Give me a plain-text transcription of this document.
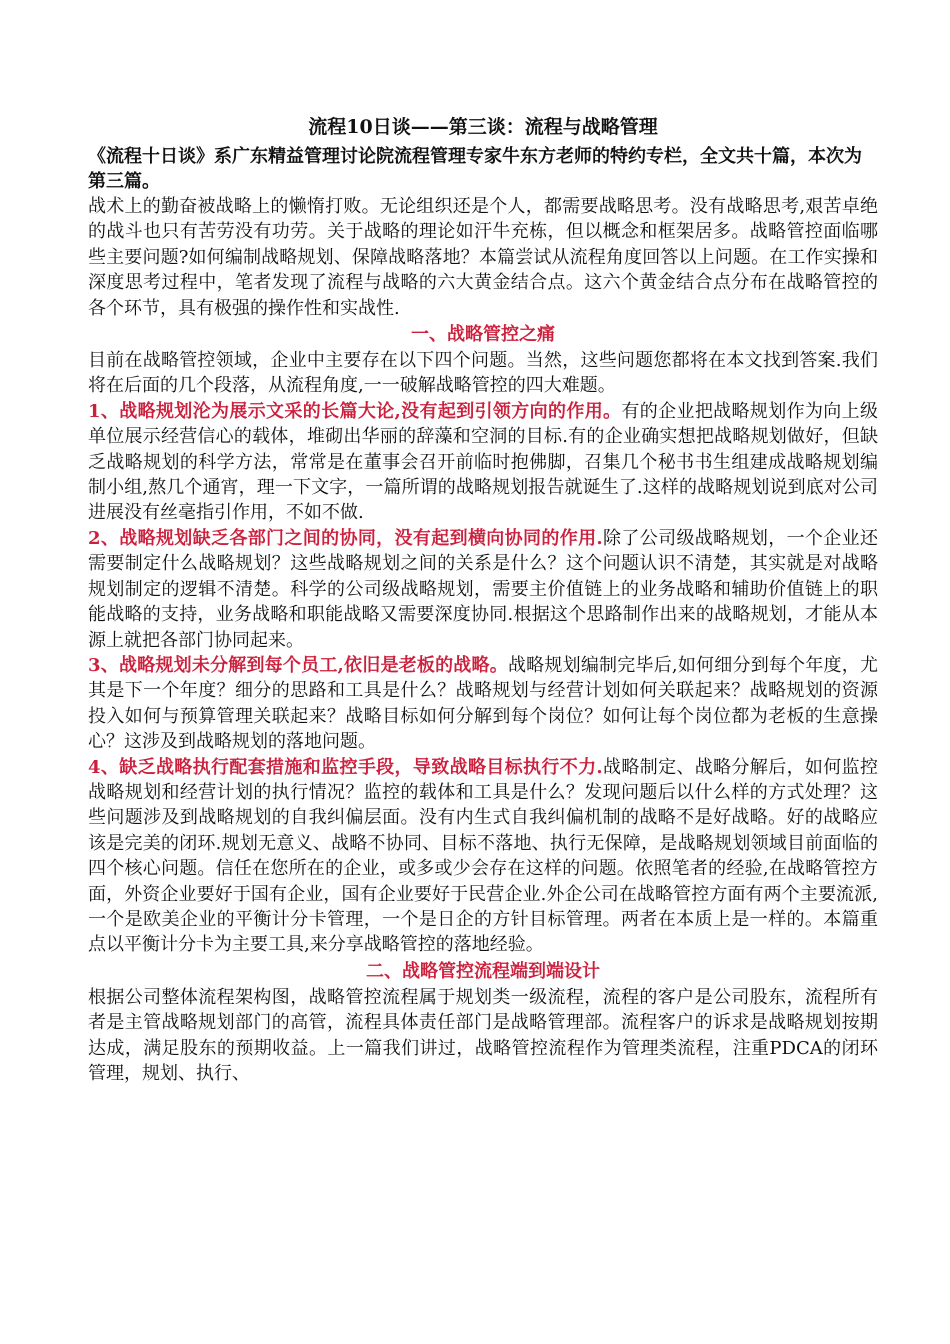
流程10日谈——第三谈：流程与战略管理
《流程十日谈》系广东精益管理讨论院流程管理专家牛东方老师的特约专栏，全文共十篇，本次为第三篇。

战术上的勤奋被战略上的懒惰打败。无论组织还是个人，都需要战略思考。没有战略思考,艰苦卓绝的战斗也只有苦劳没有功劳。关于战略的理论如汗牛充栋，但以概念和框架居多。战略管控面临哪些主要问题?如何编制战略规划、保障战略落地？本篇尝试从流程角度回答以上问题。在工作实操和深度思考过程中，笔者发现了流程与战略的六大黄金结合点。这六个黄金结合点分布在战略管控的各个环节，具有极强的操作性和实战性.

一、战略管控之痛

目前在战略管控领域，企业中主要存在以下四个问题。当然，这些问题您都将在本文找到答案.我们将在后面的几个段落，从流程角度,一一破解战略管控的四大难题。

1、战略规划沦为展示文采的长篇大论,没有起到引领方向的作用。有的企业把战略规划作为向上级单位展示经营信心的载体，堆砌出华丽的辞藻和空洞的目标.有的企业确实想把战略规划做好，但缺乏战略规划的科学方法，常常是在董事会召开前临时抱佛脚，召集几个秘书书生组建成战略规划编制小组,熬几个通宵，理一下文字，一篇所谓的战略规划报告就诞生了.这样的战略规划说到底对公司进展没有丝毫指引作用，不如不做.

2、战略规划缺乏各部门之间的协同，没有起到横向协同的作用.除了公司级战略规划，一个企业还需要制定什么战略规划？这些战略规划之间的关系是什么？这个问题认识不清楚，其实就是对战略规划制定的逻辑不清楚。科学的公司级战略规划，需要主价值链上的业务战略和辅助价值链上的职能战略的支持，业务战略和职能战略又需要深度协同.根据这个思路制作出来的战略规划，才能从本源上就把各部门协同起来。

3、战略规划未分解到每个员工,依旧是老板的战略。战略规划编制完毕后,如何细分到每个年度，尤其是下一个年度？细分的思路和工具是什么？战略规划与经营计划如何关联起来？战略规划的资源投入如何与预算管理关联起来？战略目标如何分解到每个岗位？如何让每个岗位都为老板的生意操心？这涉及到战略规划的落地问题。

4、缺乏战略执行配套措施和监控手段，导致战略目标执行不力.战略制定、战略分解后，如何监控战略规划和经营计划的执行情况？监控的载体和工具是什么？发现问题后以什么样的方式处理？这些问题涉及到战略规划的自我纠偏层面。没有内生式自我纠偏机制的战略不是好战略。好的战略应该是完美的闭环.规划无意义、战略不协同、目标不落地、执行无保障，是战略规划领域目前面临的四个核心问题。信任在您所在的企业，或多或少会存在这样的问题。依照笔者的经验,在战略管控方面，外资企业要好于国有企业，国有企业要好于民营企业.外企公司在战略管控方面有两个主要流派,一个是欧美企业的平衡计分卡管理，一个是日企的方针目标管理。两者在本质上是一样的。本篇重点以平衡计分卡为主要工具,来分享战略管控的落地经验。

二、战略管控流程端到端设计

根据公司整体流程架构图，战略管控流程属于规划类一级流程，流程的客户是公司股东，流程所有者是主管战略规划部门的高管，流程具体责任部门是战略管理部。流程客户的诉求是战略规划按期达成，满足股东的预期收益。上一篇我们讲过，战略管控流程作为管理类流程，注重PDCA的闭环管理，规划、执行、
